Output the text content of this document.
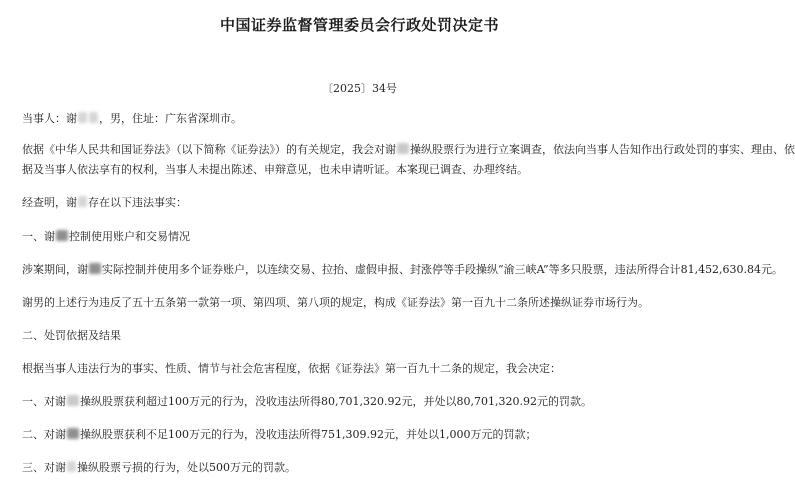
中国证券监督管理委员会行政处罚决定书
〔2025〕34号
当事人：谢 ，男，住址：广东省深圳市。
依据《中华人民共和国证券法》（以下简称《证券法》）的有关规定，我会对谢 操纵股票行为进行立案调查，依法向当事人告知作出行政处罚的事实、理由、依
据及当事人依法享有的权利，当事人未提出陈述、申辩意见，也未申请听证。本案现已调查、办理终结。
经查明，谢 存在以下违法事实：
一、谢 控制使用账户和交易情况
涉案期间，谢 实际控制并使用多个证券账户，以连续交易、拉抬、虚假申报、封涨停等手段操纵“渝三峡A”等多只股票，违法所得合计81,452,630.84元。
谢男的上述行为违反了五十五条第一款第一项、第四项、第八项的规定，构成《证券法》第一百九十二条所述操纵证券市场行为。
二、处罚依据及结果
根据当事人违法行为的事实、性质、情节与社会危害程度，依据《证券法》第一百九十二条的规定，我会决定：
一、对谢 操纵股票获利超过100万元的行为，没收违法所得80,701,320.92元，并处以80,701,320.92元的罚款。
二、对谢 操纵股票获利不足100万元的行为，没收违法所得751,309.92元，并处以1,000万元的罚款；
三、对谢 操纵股票亏损的行为，处以500万元的罚款。
